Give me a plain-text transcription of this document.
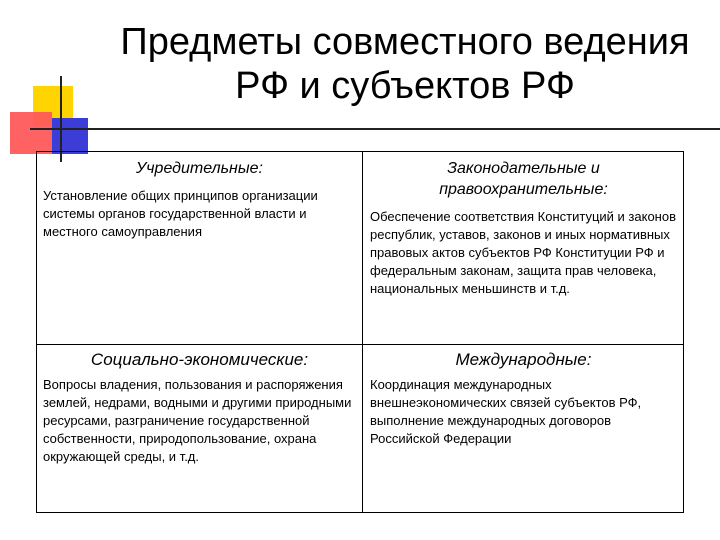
Предметы совместного ведения РФ и субъектов РФ

Учредительные:

Установление общих принципов организации системы органов государственной власти и местного самоуправления

Законодательные и правоохранительные:

Обеспечение соответствия Конституций и законов республик, уставов, законов и иных нормативных правовых актов субъектов РФ Конституции РФ и федеральным законам, защита прав человека, национальных меньшинств и т.д.

Социально-экономические:

Вопросы владения, пользования и распоряжения землей, недрами, водными и другими природными ресурсами, разграничение государственной собственности, природопользование, охрана окружающей среды, и т.д.

Международные:

Координация международных внешнеэкономических связей субъектов РФ, выполнение международных договоров Российской Федерации
